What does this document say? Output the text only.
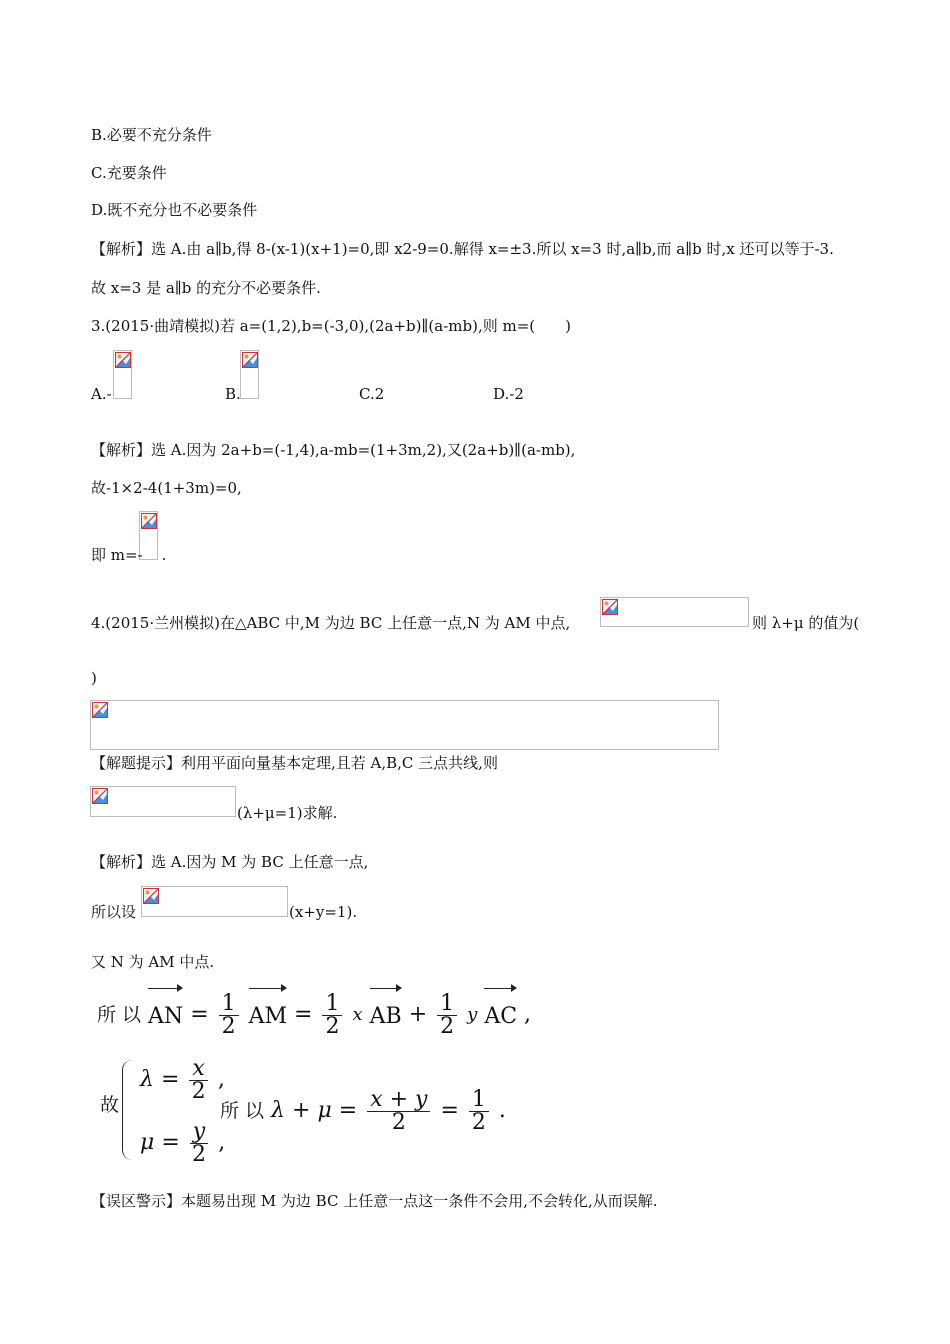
B.必要不充分条件
C.充要条件
D.既不充分也不必要条件
【解析】选 A.由 a∥b,得 8-(x-1)(x+1)=0,即 x2-9=0.解得 x=±3.所以 x=3 时,a∥b,而 a∥b 时,x 还可以等于-3.
故 x=3 是 a∥b 的充分不必要条件.
3.(2015·曲靖模拟)若 a=(1,2),b=(-3,0),(2a+b)∥(a-mb),则 m=(　　)
A.-	B.	C.2	D.-2
【解析】选 A.因为 2a+b=(-1,4),a-mb=(1+3m,2),又(2a+b)∥(a-mb),
故-1×2-4(1+3m)=0,
即 m=- .
4.(2015·兰州模拟)在△ABC 中,M 为边 BC 上任意一点,N 为 AM 中点,	则 λ+μ 的值为(
)
【解题提示】利用平面向量基本定理,且若 A,B,C 三点共线,则
(λ+μ=1)求解.
【解析】选 A.因为 M 为 BC 上任意一点,
所以设	(x+y=1).
又 N 为 AM 中点.
所 以 AN = $\frac{1}{2}$ AM = $\frac{1}{2}$ x AB + $\frac{1}{2}$ y AC ,
故
$\lambda = \frac{x}{2}$ ,
$\mu = \frac{y}{2}$ ,
所 以 $\lambda + \mu = \frac{x + y}{2} = \frac{1}{2}$ .
【误区警示】本题易出现 M 为边 BC 上任意一点这一条件不会用,不会转化,从而误解.
